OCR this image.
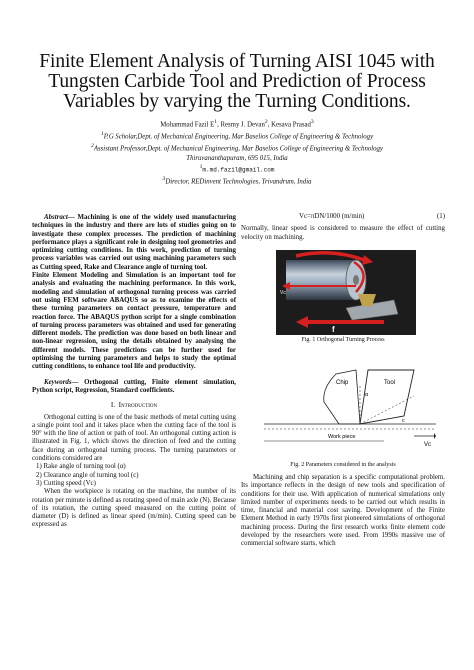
Finite Element Analysis of Turning AISI 1045 with Tungsten Carbide Tool and Prediction of Process Variables by varying the Turning Conditions.

Mohammad Fazil $E^1$, Resmy J. Devan$^2$, Kesava Prasad$^3$

$^1$P.G Scholar,Dept. of Mechanical Engineering, Mar Baselios College of Engineering & Technology

$^2$Assistant Professor,Dept. of Mechanical Engineering, Mar Baselios College of Engineering & Technology

Thiruvananthapuram, 695 015, India

$^1$m.md.fazil@gmail.com

$^3$Director, REDinvent Technologies, Trivandrum, India

Abstract— Machining is one of the widely used manufacturing techniques in the industry and there are lots of studies going on to investigate these complex processes. The prediction of machining performance plays a significant role in designing tool geometries and optimizing cutting conditions. In this work, prediction of turning process variables was carried out using machining parameters such as Cutting speed, Rake and Clearance angle of turning tool.

Finite Element Modeling and Simulation is an important tool for analysis and evaluating the machining performance. In this work, modeling and simulation of orthogonal turning process was carried out using FEM software ABAQUS so as to examine the effects of these turning parameters on contact pressure, temperature and reaction force. The ABAQUS python script for a single combination of turning process parameters was obtained and used for generating different models. The prediction was done based on both linear and non-linear regression, using the details obtained by analysing the different models. These predictions can be further used for optimising the turning parameters and helps to study the optimal cutting conditions, to enhance tool life and productivity.

Keywords— Orthogonal cutting, Finite element simulation, Python script, Regression, Standard coefficients.

I. Introduction

Orthogonal cutting is one of the basic methods of metal cutting using a single point tool and it takes place when the cutting face of the tool is 90° with the line of action or path of tool. An orthogonal cutting action is illustrated in Fig. 1, which shows the direction of feed and the cutting face during an orthogonal turning process. The turning parameters or conditions considered are

1) Rake angle of turning tool (α)

2) Clearance angle of turning tool (c)

3) Cutting speed (Vc)

When the workpiece is rotating on the machine, the number of its rotation per minute is defined as rotating speed of main axle (N). Because of its rotation, the cutting speed measured on the cutting point of diameter (D) is defined as linear speed (m/min). Cutting speed can be expressed as

Vc=πDN/1000 (m/min)	(1)

Normally, linear speed is considered to measure the effect of cutting velocity on machining.

Vc
f
Fig. 1 Orthogonal Turning Process
Chip	Tool
Work piece
Vc
α
c
Fig. 2 Parameters considered in the analysis

Machining and chip separation is a specific computational problem. Its importance reflects in the design of new tools and specification of conditions for their use. With application of numerical simulations only limited number of experiments needs to be carried out which results in time, financial and material cost saving. Development of the Finite Element Method in early 1970s first pioneered simulations of orthogonal machining process. During the first research works finite element code developed by the researchers were used. From 1990s massive use of commercial software starts, which
